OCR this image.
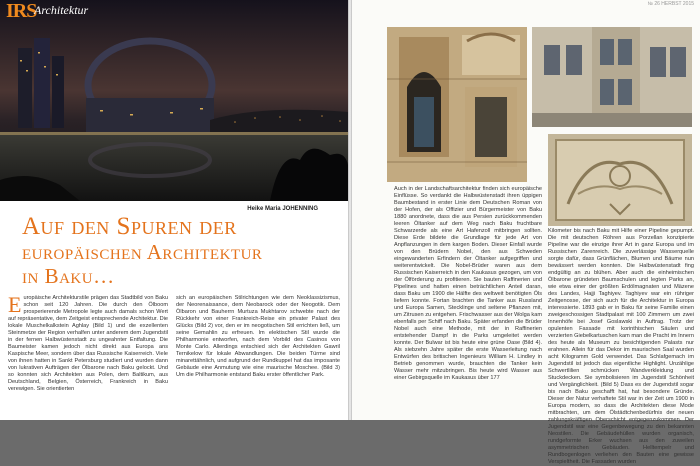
IRS
Architektur
Heike Maria JOHENNING
Auf den Spuren der
europäischen Architektur
in Baku…

Europäische Architekturstile prägen das Stadtbild von Baku schon seit 120 Jahren. Die durch den Ölboom prosperierende Metropole legte auch damals schon Wert auf repräsentative, dem Zeitgeist entsprechende Architektur. Die lokale Muschelkalkstein Aghlay (Bild 1) und die exzellenten Steinmetze der Region verhalfen unter anderem dem Jugendstil in der fernen Halbwüstenstadt zu ungeahnter Entfaltung. Die Baumeister kamen jedoch nicht direkt aus Europa ans Kaspische Meer, sondern über das Russische Kaiserreich. Viele von ihnen hatten in Sankt Petersburg studiert und wurden dann von lukrativen Aufträgen der Ölbarone nach Baku gelockt. Und so konnten sich Architekten aus Polen, dem Baltikum, aus Deutschland, Belgien, Österreich, Frankreich in Baku verewigen. Sie orientierten

sich an europäischen Stilrichtungen wie dem Neoklassizismus, der Neorenaissance, dem Neobarock oder der Neogotik. Dem Ölbaron und Bauherrn Murtuza Mukhtarov schwebte nach der Rückkehr von einer Frankreich-Reise ein privater Palast des Glücks (Bild 2) vor, den er im neogotischen Stil errichten ließ, um seine Gemahlin zu erfreuen. Im elektischen Stil wurde die Philharmonie entworfen, nach dem Vorbild des Casinos von Monte Carlo. Allerdings entschied sich der Architekten Gawril Ternikelow für lokale Abwandlungen. Die beiden Türme sind minarettähnlich, und aufgrund der Rundkuppel hat das imposante Gebäude eine Anmutung wie eine maurische Moschee. (Bild 3) Um die Philharmonie entstand Baku erster öffentlicher Park.

№ 26 HERBST 2015

Auch in der Landschaftsarchitektur finden sich europäische Einflüsse. So verdankt die Halbwüstenstadt ihren üppigen Baumbestand in erster Linie dem Deutschen Roman von der Hofen, der als Offizier und Bürgermeister von Baku 1880 anordnete, dass die aus Persien zurückkommenden leeren Öltanker auf dem Weg nach Baku fruchtbare Schwarzerde als eine Art Hafenzoll mitbringen sollten. Diese Erde bildete die Grundlage für jede Art von Anpflanzungen in dem kargen Boden. Dieser Einfall wurde von den Brüdern Nobel, den aus Schweden eingewanderten Erfindern der Öltanker aufgegriffen und weiterentwickelt. Die Nobel-Brüder waren aus dem Russischen Kaiserreich in den Kaukasus gezogen, um von der Ölförderung zu profitieren. Sie bauten Raffinerien und Pipelines und hatten einen beträchtlichen Anteil daran, dass Baku um 1900 die Hälfte des weltweit benötigten Öls liefern konnte. Fortan brachten die Tanker aus Russland und Europa Samen, Stecklinge und seltene Pflanzen mit, um Zitrusen zu entgehen. Frischwasser aus der Wolga kam ebenfalls per Schiff nach Baku. Später erfanden die Brüder Nobel auch eine Methode, mit der in Raffinerien entstehender Dampf in die Parks umgeleitet werden konnte. Der Bulwar ist bis heute eine grüne Oase (Bild 4). Als siebzehn Jahre später die erste Wasserleitung nach Entwürfen des britischen Ingenieurs William H. Lindley in Betrieb genommen wurde, brauchten die Tanker kein Wasser mehr mitzubringen. Bis heute wird Wasser aus einer Gebirgsquelle im Kaukasus über 177

Kilometer bis nach Baku mit Hilfe einer Pipeline gepumpt. Die mit deutschen Röhren aus Porzellan konzipierte Pipeline war die einzige ihrer Art in ganz Europa und im Russischen Zarenreich. Die zuverlässige Wasserquelle sorgte dafür, dass Grünflächen, Blumen und Bäume nun bewässert werden konnten. Die Halbwüstenstadt fing endgültig an zu blühen. Aber auch die einheimischen Ölbarone gründeten Baumschulen und legten Parks an, wie etwa einer der größten Erdölmagnaten und Mäzene des Landes, Hajji Taghiyev. Taghiyev war ein rühriger Zeitgenosse, der sich auch für die Architektur in Europa interessierte. 1893 gab er in Baku für seine Familie einen zweigeschossigen Stadtpalast mit 100 Zimmern um zwei Innenhöfe bei Josef Goslawski in Auftrag. Trotz der opulenten Fassade mit korinthischen Säulen und verzierten Giebelkartuschen kam man die Pracht im Innern des heute als Museum zu besichtigenden Palasts nur erahnen. Allein für das Dekor im maurischen Saal wurden acht Kilogramm Gold verwendet. Das Schlafgemach im Jugendstil ist jedoch das eigentliche Highlight. Unzählige Schwertlilien schmücken Wandverkleidung und Stuckdecken. Sie symbolisieren im Jugendstil Schönheit und Vergänglichkeit. (Bild 5) Dass es der Jugendstil sogar bis nach Baku geschafft hat, hat besondere Gründe. Dieser der Natur verhaftete Stil war in der Zeit um 1900 in Europa modern, so dass die Architekten diese Mode mitbrachten, um dem Ölstädtchenbedürfnis der neuen zahlungskräftigen Oberschicht entgegenzukommen. Der Jugendstil war eine Gegenbewegung zu den bekannten Neostilen. Die Gebäudehüllen wurden organisch, rundgeformte Erker wuchsen aus den zuweilen asymmetrischen Gebäuden. Helltempelr und Rundbogenlogen verliehen den Bauten eine gewisse Verspieltheit. Die Fassaden wurden
